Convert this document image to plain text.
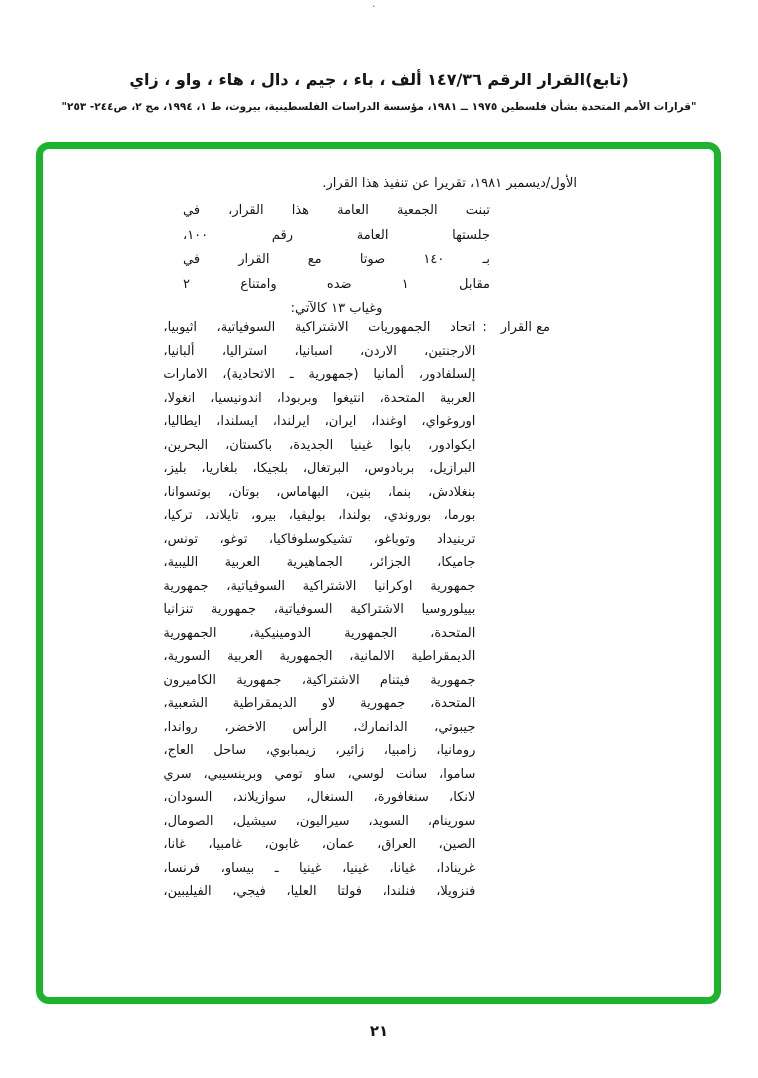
·
(تابع)القرار الرقم ١٤٧/٣٦ ألف ، باء ، جيم ، دال ، هاء ، واو ، زاي
"قرارات الأمم المتحدة بشأن فلسطين ١٩٧٥ ــ ١٩٨١، مؤسسة الدراسات الفلسطينية، بيروت، ط ١، ١٩٩٤، مج ٢، ص٢٤٤- ٢٥٣"
الأول/ديسمبر ١٩٨١، تقريرا عن تنفيذ هذا القرار.
تبنت الجمعية العامة هذا القرار، في
جلستها العامة رقم ١٠٠،
بـ ١٤٠ صوتا مع القرار في
مقابل ١ ضده وامتناع ٢
وغياب ١٣ كالآتي:
مع القرار
:
اتحاد الجمهوريات الاشتراكية السوفياتية، اثيوبيا،
الارجنتين، الاردن، اسبانيا، استراليا، ألبانيا،
إلسلفادور، ألمانيا (جمهورية ـ الاتحادية)، الامارات
العربية المتحدة، انتيغوا وبربودا، اندونيسيا، انغولا،
اوروغواي، اوغندا، ايران، ايرلندا، ايسلندا، ايطاليا،
ايكوادور، بابوا غينيا الجديدة، باكستان، البحرين،
البرازيل، بربادوس، البرتغال، بلجيكا، بلغاريا، بليز،
بنغلادش، بنما، بنين، البهاماس، بوتان، بوتسوانا،
بورما، بوروندي، بولندا، بوليفيا، بيرو، تايلاند، تركيا،
ترينيداد وتوباغو، تشيكوسلوفاكيا، توغو، تونس،
جاميكا، الجزائر، الجماهيرية العربية الليبية،
جمهورية اوكرانيا الاشتراكية السوفياتية، جمهورية
بييلوروسيا الاشتراكية السوفياتية، جمهورية تنزانيا
المتحدة، الجمهورية الدومينيكية، الجمهورية
الديمقراطية الالمانية، الجمهورية العربية السورية،
جمهورية فيتنام الاشتراكية، جمهورية الكاميرون
المتحدة، جمهورية لاو الديمقراطية الشعبية،
جيبوتي، الدانمارك، الرأس الاخضر، رواندا،
رومانيا، زامبيا، زائير، زيمبابوي، ساحل العاج،
ساموا، سانت لوسي، ساو تومي وبرينسيبي، سري
لانكا، سنغافورة، السنغال، سوازيلاند، السودان،
سورينام، السويد، سيراليون، سيشيل، الصومال،
الصين، العراق، عمان، غابون، غامبيا، غانا،
غرينادا، غيانا، غينيا، غينيا ـ بيساو، فرنسا،
فنزويلا، فنلندا، فولتا العليا، فيجي، الفيليبين،
٢١
